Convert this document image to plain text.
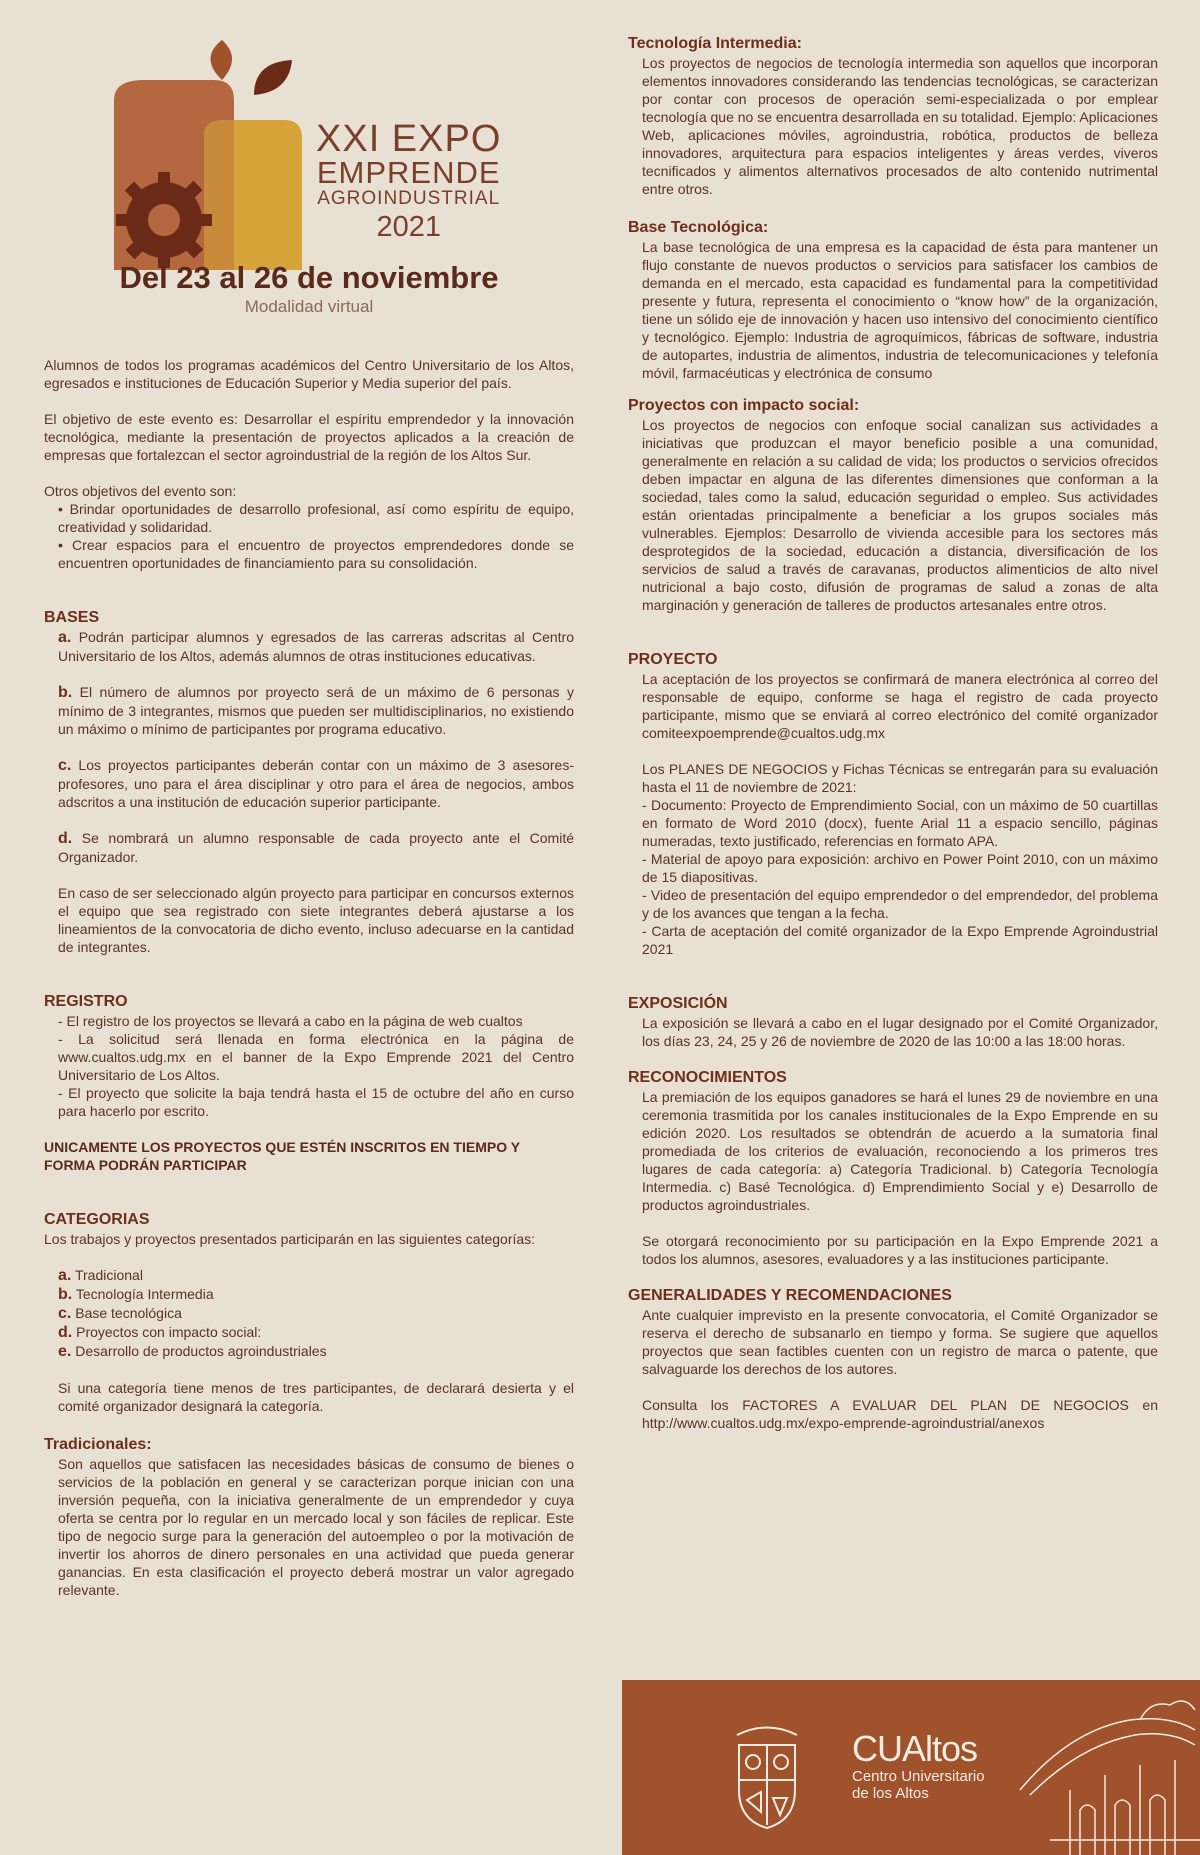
XXI EXPO
EMPRENDE
AGROINDUSTRIAL
2021
Del 23 al 26 de noviembre
Modalidad virtual

Alumnos de todos los programas académicos del Centro Universitario de los Altos, egresados e instituciones de Educación Superior y Media superior del país.

El objetivo de este evento es: Desarrollar el espíritu emprendedor y la innovación tecnológica, mediante la presentación de proyectos aplicados a la creación de empresas que fortalezcan el sector agroindustrial de la región de los Altos Sur.

Otros objetivos del evento son:

• Brindar oportunidades de desarrollo profesional, así como espíritu de equipo, creatividad y solidaridad.

• Crear espacios para el encuentro de proyectos emprendedores donde se encuentren oportunidades de financiamiento para su consolidación.

BASES

a. Podrán participar alumnos y egresados de las carreras adscritas al Centro Universitario de los Altos, además alumnos de otras instituciones educativas.

b. El número de alumnos por proyecto será de un máximo de 6 personas y mínimo de 3 integrantes, mismos que pueden ser multidisciplinarios, no existiendo un máximo o mínimo de participantes por programa educativo.

c. Los proyectos participantes deberán contar con un máximo de 3 asesores-profesores, uno para el área disciplinar y otro para el área de negocios, ambos adscritos a una institución de educación superior participante.

d. Se nombrará un alumno responsable de cada proyecto ante el Comité Organizador.

En caso de ser seleccionado algún proyecto para participar en concursos externos el equipo que sea registrado con siete integrantes deberá ajustarse a los lineamientos de la convocatoria de dicho evento, incluso adecuarse en la cantidad de integrantes.

REGISTRO

- El registro de los proyectos se llevará a cabo en la página de web cualtos

- La solicitud será llenada en forma electrónica en la página de www.cualtos.udg.mx en el banner de la Expo Emprende 2021 del Centro Universitario de Los Altos.

- El proyecto que solicite la baja tendrá hasta el 15 de octubre del año en curso para hacerlo por escrito.

UNICAMENTE LOS PROYECTOS QUE ESTÉN INSCRITOS EN TIEMPO Y FORMA PODRÁN PARTICIPAR
CATEGORIAS

Los trabajos y proyectos presentados participarán en las siguientes categorías:

a. Tradicional
b. Tecnología Intermedia
c. Base tecnológica
d. Proyectos con impacto social:
e. Desarrollo de productos agroindustriales

Si una categoría tiene menos de tres participantes, de declarará desierta y el comité organizador designará la categoría.

Tradicionales:

Son aquellos que satisfacen las necesidades básicas de consumo de bienes o servicios de la población en general y se caracterizan porque inician con una inversión pequeña, con la iniciativa generalmente de un emprendedor y cuya oferta se centra por lo regular en un mercado local y son fáciles de replicar. Este tipo de negocio surge para la generación del autoempleo o por la motivación de invertir los ahorros de dinero personales en una actividad que pueda generar ganancias. En esta clasificación el proyecto deberá mostrar un valor agregado relevante.

Tecnología Intermedia:

Los proyectos de negocios de tecnología intermedia son aquellos que incorporan elementos innovadores considerando las tendencias tecnológicas, se caracterizan por contar con procesos de operación semi-especializada o por emplear tecnología que no se encuentra desarrollada en su totalidad. Ejemplo: Aplicaciones Web, aplicaciones móviles, agroindustria, robótica, productos de belleza innovadores, arquitectura para espacios inteligentes y áreas verdes, viveros tecnificados y alimentos alternativos procesados de alto contenido nutrimental entre otros.

Base Tecnológica:

La base tecnológica de una empresa es la capacidad de ésta para mantener un flujo constante de nuevos productos o servicios para satisfacer los cambios de demanda en el mercado, esta capacidad es fundamental para la competitividad presente y futura, representa el conocimiento o “know how” de la organización, tiene un sólido eje de innovación y hacen uso intensivo del conocimiento científico y tecnológico. Ejemplo: Industria de agroquímicos, fábricas de software, industria de autopartes, industria de alimentos, industria de telecomunicaciones y telefonía móvil, farmacéuticas y electrónica de consumo

Proyectos con impacto social:

Los proyectos de negocios con enfoque social canalizan sus actividades a iniciativas que produzcan el mayor beneficio posible a una comunidad, generalmente en relación a su calidad de vida; los productos o servicios ofrecidos deben impactar en alguna de las diferentes dimensiones que conforman a la sociedad, tales como la salud, educación seguridad o empleo. Sus actividades están orientadas principalmente a beneficiar a los grupos sociales más vulnerables. Ejemplos: Desarrollo de vivienda accesible para los sectores más desprotegidos de la sociedad, educación a distancia, diversificación de los servicios de salud a través de caravanas, productos alimenticios de alto nivel nutricional a bajo costo, difusión de programas de salud a zonas de alta marginación y generación de talleres de productos artesanales entre otros.

PROYECTO

La aceptación de los proyectos se confirmará de manera electrónica al correo del responsable de equipo, conforme se haga el registro de cada proyecto participante, mismo que se enviará al correo electrónico del comité organizador comiteexpoemprende@cualtos.udg.mx

Los PLANES DE NEGOCIOS y Fichas Técnicas se entregarán para su evaluación hasta el 11 de noviembre de 2021:

- Documento: Proyecto de Emprendimiento Social, con un máximo de 50 cuartillas en formato de Word 2010 (docx), fuente Arial 11 a espacio sencillo, páginas numeradas, texto justificado, referencias en formato APA.

- Material de apoyo para exposición: archivo en Power Point 2010, con un máximo de 15 diapositivas.

- Video de presentación del equipo emprendedor o del emprendedor, del problema y de los avances que tengan a la fecha.

- Carta de aceptación del comité organizador de la Expo Emprende Agroindustrial 2021

EXPOSICIÓN

La exposición se llevará a cabo en el lugar designado por el Comité Organizador, los días 23, 24, 25 y 26 de noviembre de 2020 de las 10:00 a las 18:00 horas.

RECONOCIMIENTOS

La premiación de los equipos ganadores se hará el lunes 29 de noviembre en una ceremonia trasmitida por los canales institucionales de la Expo Emprende en su edición 2020. Los resultados se obtendrán de acuerdo a la sumatoria final promediada de los criterios de evaluación, reconociendo a los primeros tres lugares de cada categoría: a) Categoría Tradicional. b) Categoría Tecnología Intermedia. c) Basé Tecnológica. d) Emprendimiento Social y e) Desarrollo de productos agroindustriales.

Se otorgará reconocimiento por su participación en la Expo Emprende 2021 a todos los alumnos, asesores, evaluadores y a las instituciones participante.

GENERALIDADES Y RECOMENDACIONES

Ante cualquier imprevisto en la presente convocatoria, el Comité Organizador se reserva el derecho de subsanarlo en tiempo y forma. Se sugiere que aquellos proyectos que sean factibles cuenten con un registro de marca o patente, que salvaguarde los derechos de los autores.

Consulta los FACTORES A EVALUAR DEL PLAN DE NEGOCIOS en http://www.cualtos.udg.mx/expo-emprende-agroindustrial/anexos

CUAltos
Centro Universitario
de los Altos
